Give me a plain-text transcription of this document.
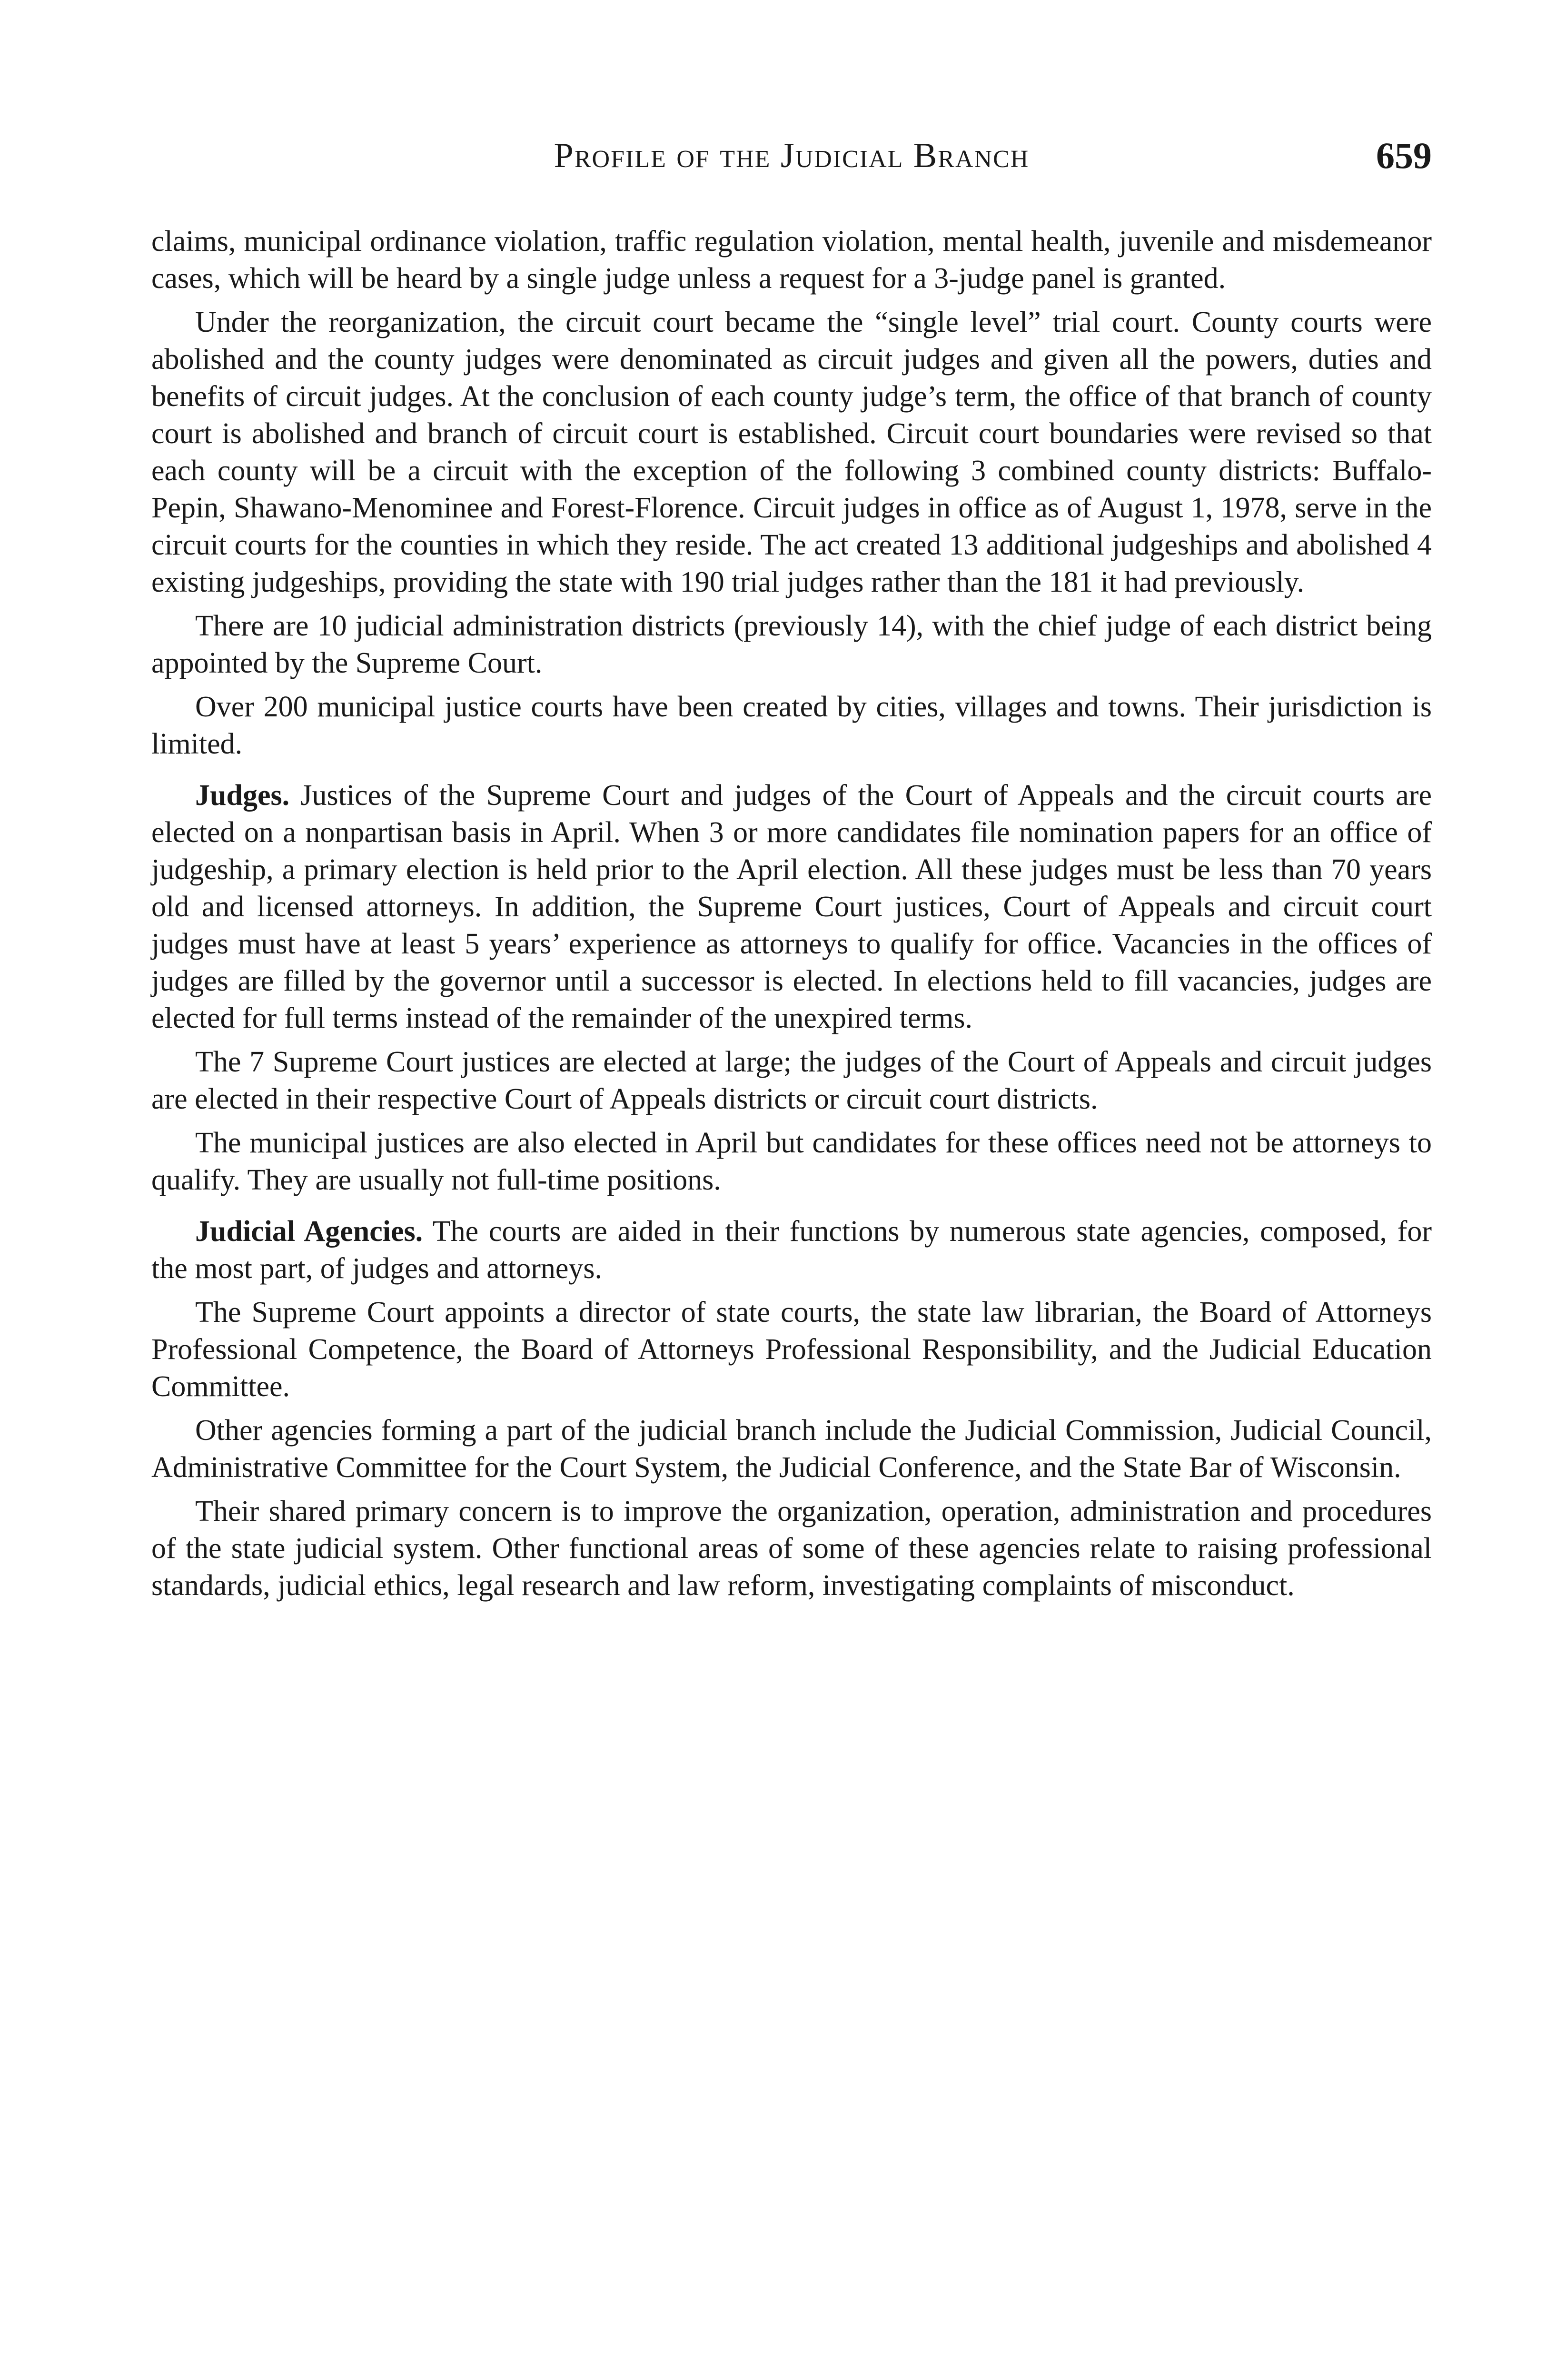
Profile of the Judicial Branch	659

claims, municipal ordinance violation, traffic regulation violation, mental health, juvenile and misdemeanor cases, which will be heard by a single judge unless a request for a 3-judge panel is granted.

Under the reorganization, the circuit court became the “single level” trial court. County courts were abolished and the county judges were denominated as circuit judges and given all the powers, duties and benefits of circuit judges. At the conclusion of each county judge’s term, the office of that branch of county court is abolished and branch of circuit court is established. Circuit court boundaries were revised so that each county will be a circuit with the exception of the following 3 combined county districts: Buffalo-Pepin, Shawano-Menominee and Forest-Florence. Circuit judges in office as of August 1, 1978, serve in the circuit courts for the counties in which they reside. The act created 13 additional judgeships and abolished 4 existing judgeships, providing the state with 190 trial judges rather than the 181 it had previously.

There are 10 judicial administration districts (previously 14), with the chief judge of each district being appointed by the Supreme Court.

Over 200 municipal justice courts have been created by cities, villages and towns. Their jurisdiction is limited.

Judges. Justices of the Supreme Court and judges of the Court of Appeals and the circuit courts are elected on a nonpartisan basis in April. When 3 or more candidates file nomination papers for an office of judgeship, a primary election is held prior to the April election. All these judges must be less than 70 years old and licensed attorneys. In addition, the Supreme Court justices, Court of Appeals and circuit court judges must have at least 5 years’ experience as attorneys to qualify for office. Vacancies in the offices of judges are filled by the governor until a successor is elected. In elections held to fill vacancies, judges are elected for full terms instead of the remainder of the unexpired terms.

The 7 Supreme Court justices are elected at large; the judges of the Court of Appeals and circuit judges are elected in their respective Court of Appeals districts or circuit court districts.

The municipal justices are also elected in April but candidates for these offices need not be attorneys to qualify. They are usually not full-time positions.

Judicial Agencies. The courts are aided in their functions by numerous state agencies, composed, for the most part, of judges and attorneys.

The Supreme Court appoints a director of state courts, the state law librarian, the Board of Attorneys Professional Competence, the Board of Attorneys Professional Responsibility, and the Judicial Education Committee.

Other agencies forming a part of the judicial branch include the Judicial Commission, Judicial Council, Administrative Committee for the Court System, the Judicial Conference, and the State Bar of Wisconsin.

Their shared primary concern is to improve the organization, operation, administration and procedures of the state judicial system. Other functional areas of some of these agencies relate to raising professional standards, judicial ethics, legal research and law reform, investigating complaints of misconduct.
